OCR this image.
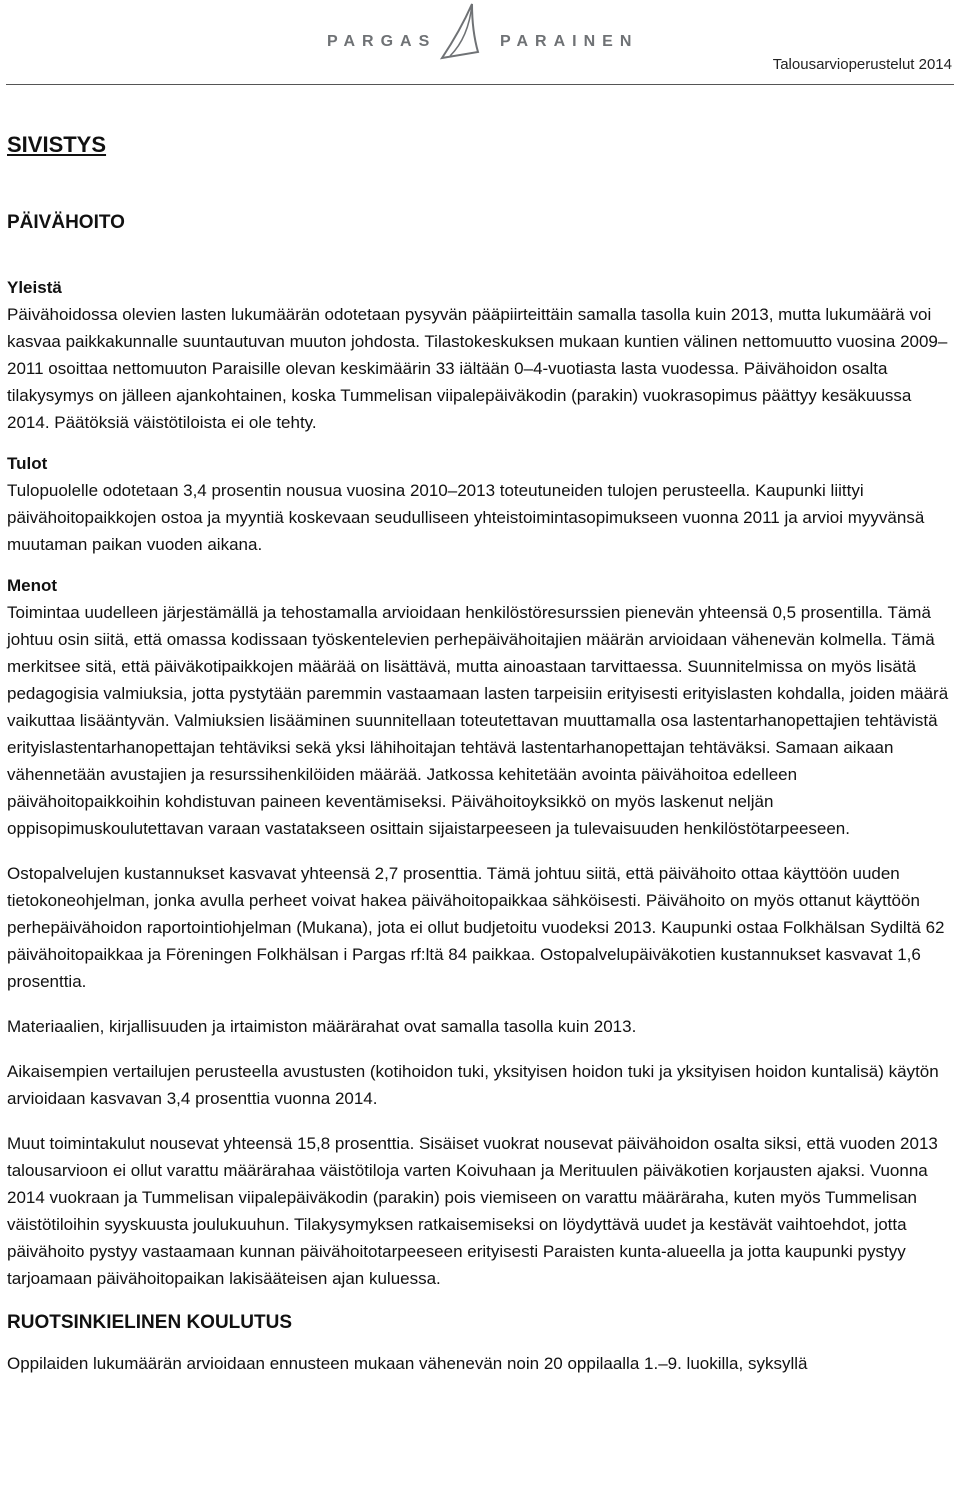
PARGAS	PARAINEN
Talousarvioperustelut 2014
SIVISTYS
PÄIVÄHOITO
Yleistä

Päivähoidossa olevien lasten lukumäärän odotetaan pysyvän pääpiirteittäin samalla tasolla kuin 2013, mutta lukumäärä voi kasvaa paikkakunnalle suuntautuvan muuton johdosta. Tilastokeskuksen mukaan kuntien välinen nettomuutto vuosina 2009–2011 osoittaa nettomuuton Paraisille olevan keskimäärin 33 iältään 0–4-vuotiasta lasta vuodessa. Päivähoidon osalta tilakysymys on jälleen ajankohtainen, koska Tummelisan viipalepäiväkodin (parakin) vuokrasopimus päättyy kesäkuussa 2014. Päätöksiä väistötiloista ei ole tehty.

Tulot

Tulopuolelle odotetaan 3,4 prosentin nousua vuosina 2010–2013 toteutuneiden tulojen perusteella. Kaupunki liittyi päivähoitopaikkojen ostoa ja myyntiä koskevaan seudulliseen yhteistoimintasopimukseen vuonna 2011 ja arvioi myyvänsä muutaman paikan vuoden aikana.

Menot

Toimintaa uudelleen järjestämällä ja tehostamalla arvioidaan henkilöstöresurssien pienevän yhteensä 0,5 prosentilla. Tämä johtuu osin siitä, että omassa kodissaan työskentelevien perhepäivähoitajien määrän arvioidaan vähenevän kolmella. Tämä merkitsee sitä, että päiväkotipaikkojen määrää on lisättävä, mutta ainoastaan tarvittaessa. Suunnitelmissa on myös lisätä pedagogisia valmiuksia, jotta pystytään paremmin vastaamaan lasten tarpeisiin erityisesti erityislasten kohdalla, joiden määrä vaikuttaa lisääntyvän. Valmiuksien lisääminen suunnitellaan toteutettavan muuttamalla osa lastentarhanopettajien tehtävistä erityislastentarhanopettajan tehtäviksi sekä yksi lähihoitajan tehtävä lastentarhanopettajan tehtäväksi. Samaan aikaan vähennetään avustajien ja resurssihenkilöiden määrää. Jatkossa kehitetään avointa päivähoitoa edelleen päivähoitopaikkoihin kohdistuvan paineen keventämiseksi. Päivähoitoyksikkö on myös laskenut neljän oppisopimuskoulutettavan varaan vastatakseen osittain sijaistarpeeseen ja tulevaisuuden henkilöstötarpeeseen.

Ostopalvelujen kustannukset kasvavat yhteensä 2,7 prosenttia. Tämä johtuu siitä, että päivähoito ottaa käyttöön uuden tietokoneohjelman, jonka avulla perheet voivat hakea päivähoitopaikkaa sähköisesti. Päivähoito on myös ottanut käyttöön perhepäivähoidon raportointiohjelman (Mukana), jota ei ollut budjetoitu vuodeksi 2013. Kaupunki ostaa Folkhälsan Sydiltä 62 päivähoitopaikkaa ja Föreningen Folkhälsan i Pargas rf:ltä 84 paikkaa. Ostopalvelupäiväkotien kustannukset kasvavat 1,6 prosenttia.

Materiaalien, kirjallisuuden ja irtaimiston määrärahat ovat samalla tasolla kuin 2013.

Aikaisempien vertailujen perusteella avustusten (kotihoidon tuki, yksityisen hoidon tuki ja yksityisen hoidon kuntalisä) käytön arvioidaan kasvavan 3,4 prosenttia vuonna 2014.

Muut toimintakulut nousevat yhteensä 15,8 prosenttia. Sisäiset vuokrat nousevat päivähoidon osalta siksi, että vuoden 2013 talousarvioon ei ollut varattu määrärahaa väistötiloja varten Koivuhaan ja Merituulen päiväkotien korjausten ajaksi. Vuonna 2014 vuokraan ja Tummelisan viipalepäiväkodin (parakin) pois viemiseen on varattu määräraha, kuten myös Tummelisan väistötiloihin syyskuusta joulukuuhun. Tilakysymyksen ratkaisemiseksi on löydyttävä uudet ja kestävät vaihtoehdot, jotta päivähoito pystyy vastaamaan kunnan päivähoitotarpeeseen erityisesti Paraisten kunta-alueella ja jotta kaupunki pystyy tarjoamaan päivähoitopaikan lakisääteisen ajan kuluessa.

RUOTSINKIELINEN KOULUTUS

Oppilaiden lukumäärän arvioidaan ennusteen mukaan vähenevän noin 20 oppilaalla 1.–9. luokilla, syksyllä
